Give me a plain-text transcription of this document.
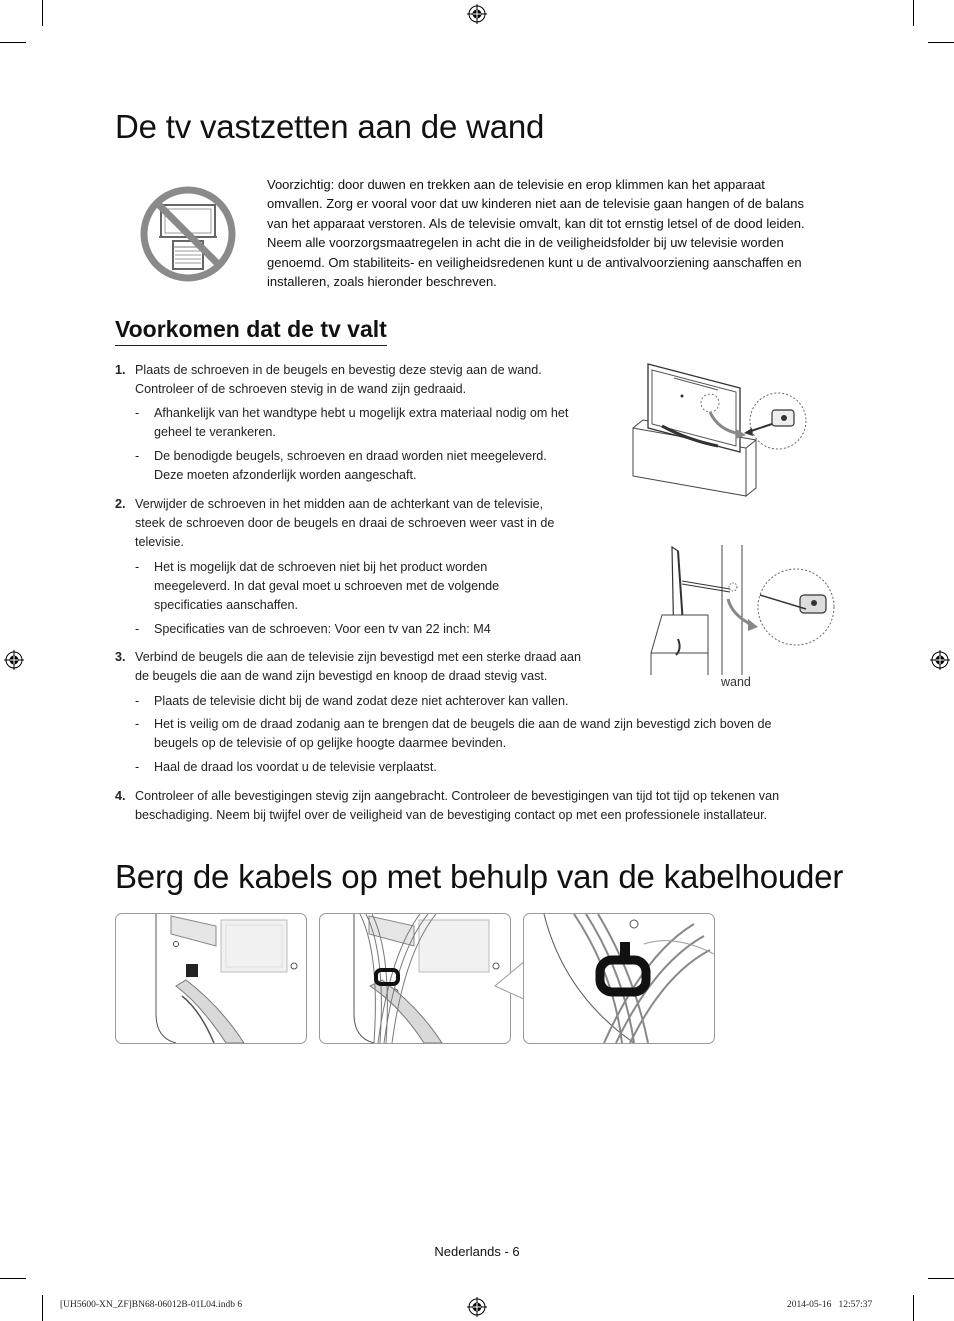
De tv vastzetten aan de wand
Voorzichtig: door duwen en trekken aan de televisie en erop klimmen kan het apparaat omvallen. Zorg er vooral voor dat uw kinderen niet aan de televisie gaan hangen of de balans van het apparaat verstoren. Als de televisie omvalt, kan dit tot ernstig letsel of de dood leiden. Neem alle voorzorgsmaatregelen in acht die in de veiligheidsfolder bij uw televisie worden genoemd. Om stabiliteits- en veiligheidsredenen kunt u de antivalvoorziening aanschaffen en installeren, zoals hieronder beschreven.
Voorkomen dat de tv valt
1. Plaats de schroeven in de beugels en bevestig deze stevig aan de wand. Controleer of de schroeven stevig in de wand zijn gedraaid.
- Afhankelijk van het wandtype hebt u mogelijk extra materiaal nodig om het geheel te verankeren.
- De benodigde beugels, schroeven en draad worden niet meegeleverd. Deze moeten afzonderlijk worden aangeschaft.
2. Verwijder de schroeven in het midden aan de achterkant van de televisie, steek de schroeven door de beugels en draai de schroeven weer vast in de televisie.
- Het is mogelijk dat de schroeven niet bij het product worden meegeleverd. In dat geval moet u schroeven met de volgende specificaties aanschaffen.
- Specificaties van de schroeven: Voor een tv van 22 inch: M4
3. Verbind de beugels die aan de televisie zijn bevestigd met een sterke draad aan de beugels die aan de wand zijn bevestigd en knoop de draad stevig vast.
- Plaats de televisie dicht bij de wand zodat deze niet achterover kan vallen.
- Het is veilig om de draad zodanig aan te brengen dat de beugels die aan de wand zijn bevestigd zich boven de beugels op de televisie of op gelijke hoogte daarmee bevinden.
- Haal de draad los voordat u de televisie verplaatst.
4. Controleer of alle bevestigingen stevig zijn aangebracht. Controleer de bevestigingen van tijd tot tijd op tekenen van beschadiging. Neem bij twijfel over de veiligheid van de bevestiging contact op met een professionele installateur.
wand
Berg de kabels op met behulp van de kabelhouder
Nederlands - 6
[UH5600-XN_ZF]BN68-06012B-01L04.indb 6	2014-05-16   12:57:37
